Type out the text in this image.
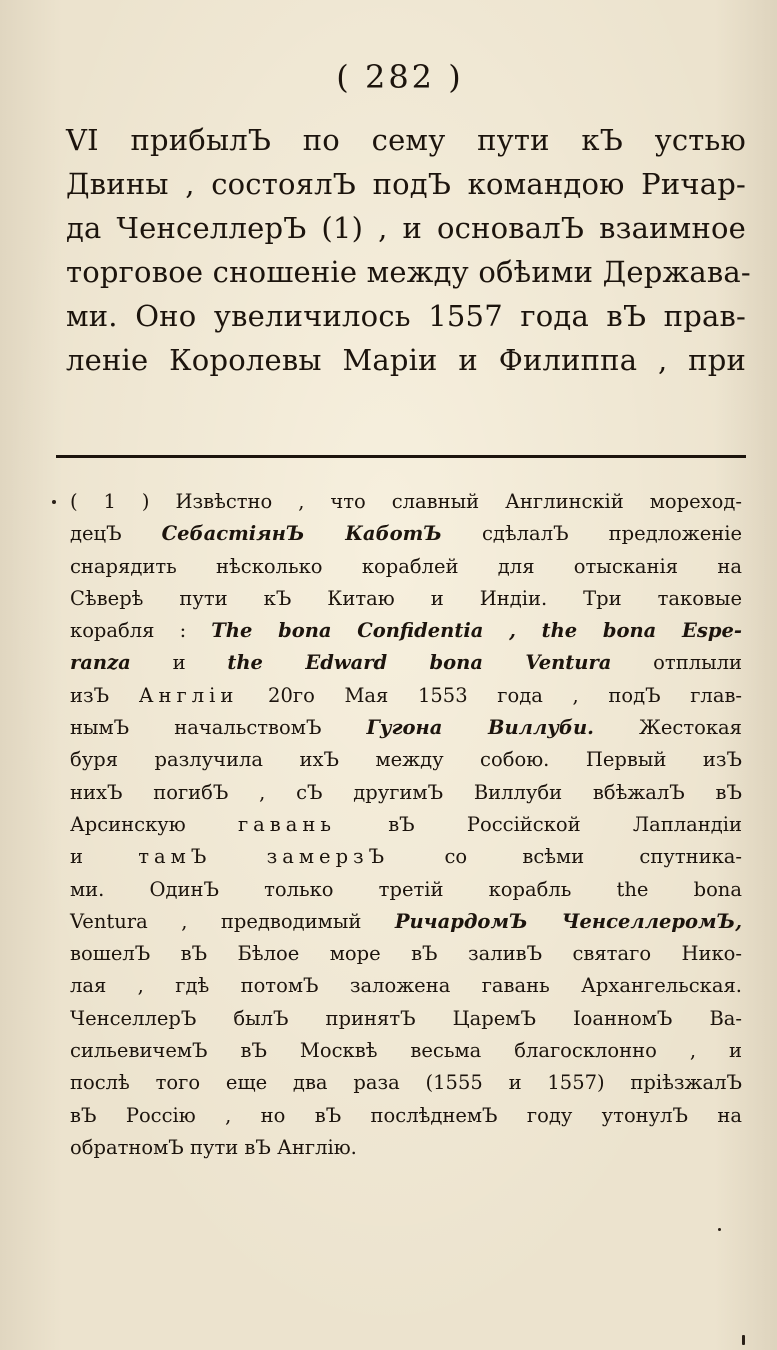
( 282 )
VI прибылЪ по сему пути кЪ устью
Двины , состоялЪ подЪ командою Ричар-
да ЧенселлерЪ (1) , и основалЪ взаимное
торговое сношенiе между обѣими Держава-
ми. Оно увеличилось 1557 года вЪ прав-
ленiе Королевы Марiи и Филиппа , при
( 1 ) Извѣстно , что славный Англинскiй мореход-
децЪ СебастiянЪ КаботЪ сдѣлалЪ предложенiе
снарядить нѣсколько кораблей для отысканiя на
Сѣверѣ пути кЪ Китаю и Индiи. Три таковые
корабля : The bona Confidentia , the bona Espe-
ranza и the Edward bona Ventura отплыли
изЪ Англiи 20го Мая 1553 года , подЪ глав-
нымЪ начальствомЪ Гугона Виллуби. Жестокая
буря разлучила ихЪ между собою. Первый изЪ
нихЪ погибЪ , сЪ другимЪ Виллуби вбѣжалЪ вЪ
Арсинскую гавань вЪ Россiйской Лапландiи
и тамЪ	замерзЪ со всѣми спутника-
ми. ОдинЪ только третiй корабль the bona
Ventura , предводимый РичардомЪ ЧенселлеромЪ,
вошелЪ вЪ Бѣлое море вЪ заливЪ святаго Нико-
лая , гдѣ потомЪ заложена гавань Архангельская.
ЧенселлерЪ былЪ принятЪ ЦаремЪ IоанномЪ Ва-
сильевичемЪ вЪ Москвѣ весьма благосклонно , и
послѣ того еще два раза (1555 и 1557) прiѣзжалЪ
вЪ Россiю , но вЪ послѣднемЪ году утонулЪ на
обратномЪ пути вЪ Англiю.
